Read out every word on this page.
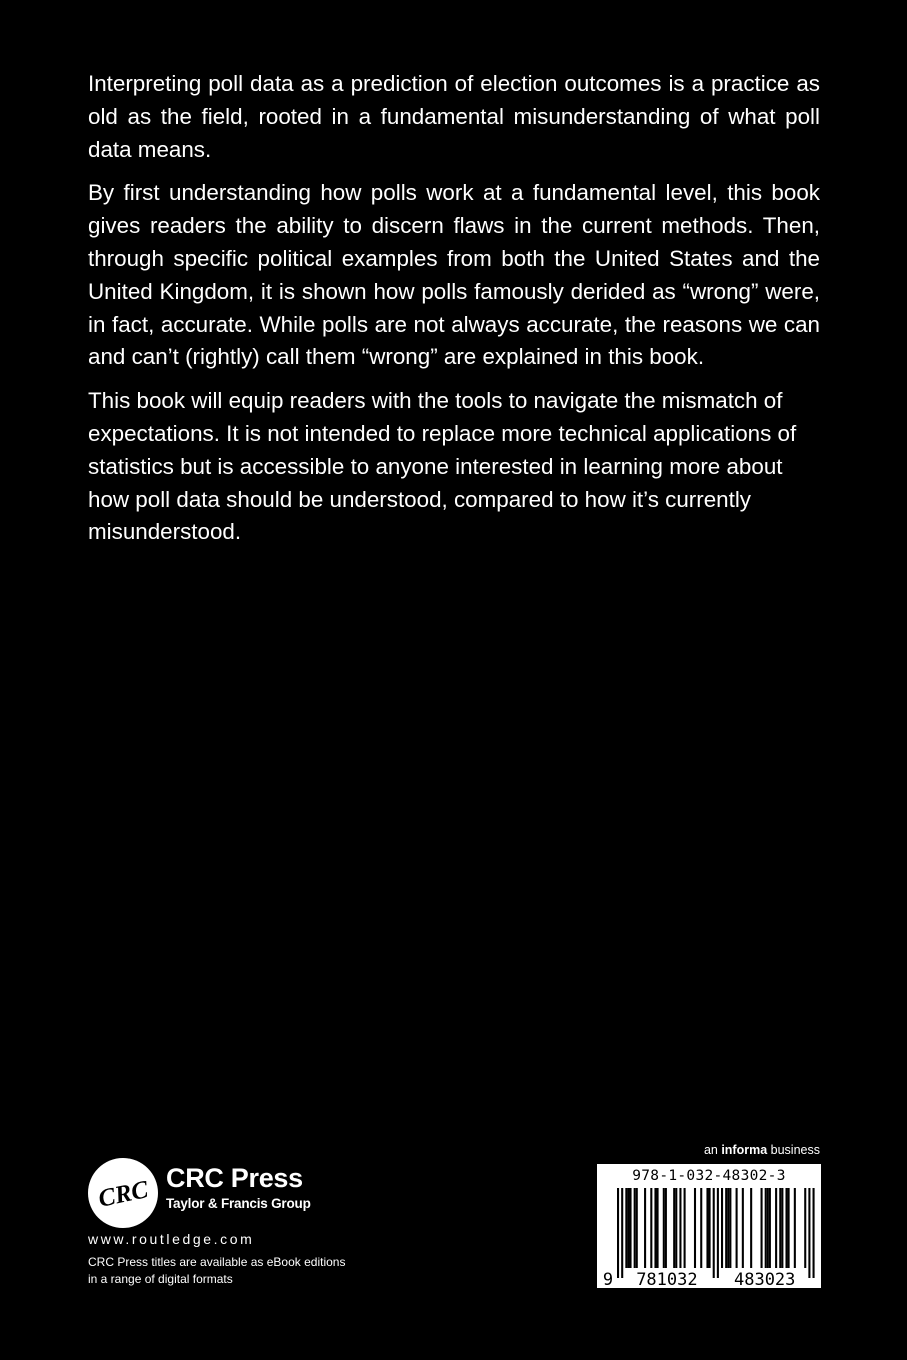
Interpreting poll data as a prediction of election outcomes is a practice as old as the field, rooted in a fundamental misunderstanding of what poll data means.

By first understanding how polls work at a fundamental level, this book gives readers the ability to discern flaws in the current methods. Then, through specific political examples from both the United States and the United Kingdom, it is shown how polls famously derided as “wrong” were, in fact, accurate. While polls are not always accurate, the reasons we can and can’t (rightly) call them “wrong” are explained in this book.

This book will equip readers with the tools to navigate the mismatch of expectations. It is not intended to replace more technical applications of statistics but is accessible to anyone interested in learning more about how poll data should be understood, compared to how it’s currently misunderstood.

CRC CRC Press
Taylor & Francis Group
www.routledge.com
CRC Press titles are available as eBook editions
in a range of digital formats
an informa business
978-1-032-48302-3
9 781032 483023
